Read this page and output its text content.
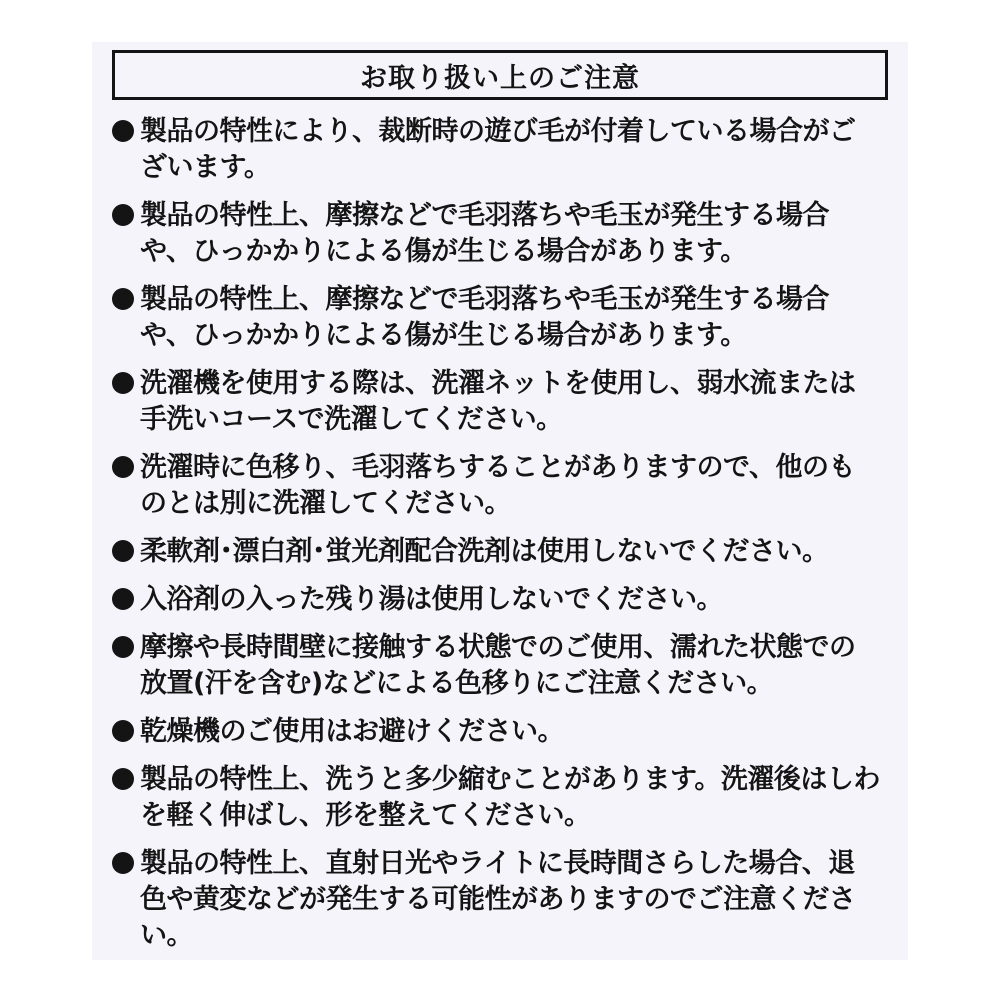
お取り扱い上のご注意
製品の特性により、裁断時の遊び毛が付着している場合がございます。
製品の特性上、摩擦などで毛羽落ちや毛玉が発生する場合や、ひっかかりによる傷が生じる場合があります。
製品の特性上、摩擦などで毛羽落ちや毛玉が発生する場合や、ひっかかりによる傷が生じる場合があります。
洗濯機を使用する際は、洗濯ネットを使用し、弱水流または手洗いコースで洗濯してください。
洗濯時に色移り、毛羽落ちすることがありますので、他のものとは別に洗濯してください。
柔軟剤･漂白剤･蛍光剤配合洗剤は使用しないでください。
入浴剤の入った残り湯は使用しないでください。
摩擦や長時間壁に接触する状態でのご使用、濡れた状態での放置(汗を含む)などによる色移りにご注意ください。
乾燥機のご使用はお避けください。
製品の特性上、洗うと多少縮むことがあります。洗濯後はしわを軽く伸ばし、形を整えてください。
製品の特性上、直射日光やライトに長時間さらした場合、退色や黄変などが発生する可能性がありますのでご注意ください。
